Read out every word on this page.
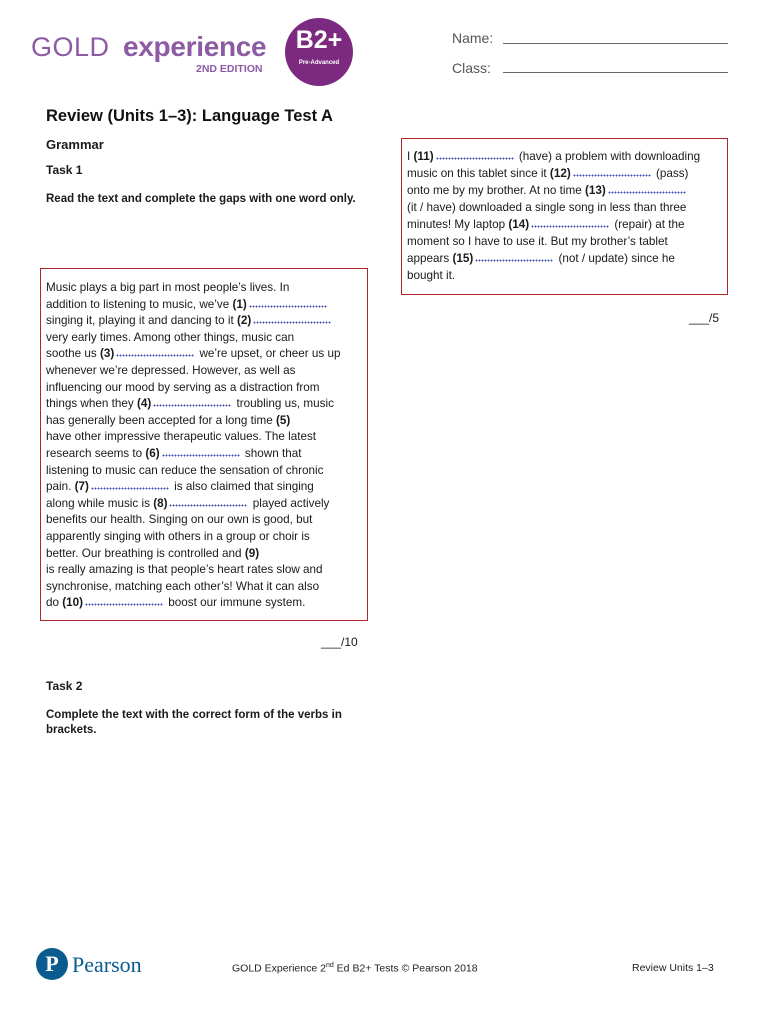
GOLD experience
2ND EDITION
B2+
Pre-Advanced
Name:
Class:
Review (Units 1–3): Language Test A
Grammar
Task 1
Read the text and complete the gaps with one word only.
Music plays a big part in most people’s lives. In
addition to listening to music, we’ve (1)
singing it, playing it and dancing to it (2)
very early times. Among other things, music can
soothe us (3)	we’re upset, or cheer us up
whenever we’re depressed. However, as well as
influencing our mood by serving as a distraction from
things when they (4)	troubling us, music
has generally been accepted for a long time (5)
have other impressive therapeutic values. The latest
research seems to (6)	shown that
listening to music can reduce the sensation of chronic
pain. (7)	is also claimed that singing
along while music is (8)	played actively
benefits our health. Singing on our own is good, but
apparently singing with others in a group or choir is
better. Our breathing is controlled and (9)
is really amazing is that people’s heart rates slow and
synchronise, matching each other’s! What it can also
do (10)	boost our immune system.
___/10
Task 2
Complete the text with the correct form of the verbs in brackets.
I (11)	(have) a problem with downloading
music on this tablet since it (12)	(pass)
onto me by my brother. At no time (13)
(it / have) downloaded a single song in less than three
minutes! My laptop (14)	(repair) at the
moment so I have to use it. But my brother’s tablet
appears (15)	(not / update) since he
bought it.
___/5
P Pearson	GOLD Experience 2nd Ed B2+ Tests © Pearson 2018	Review Units 1–3
